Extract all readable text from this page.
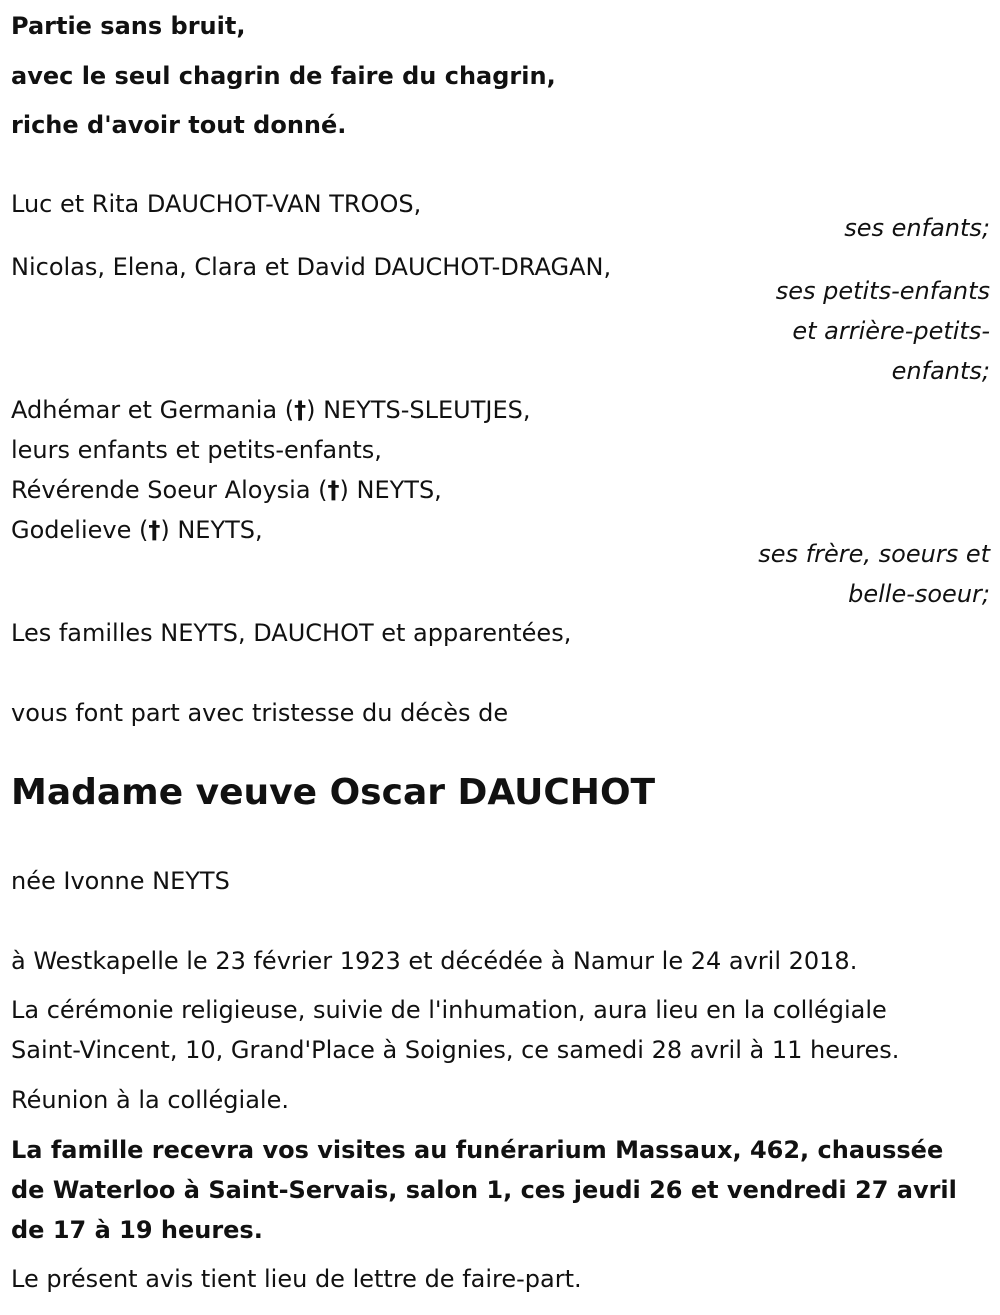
Partie sans bruit,
avec le seul chagrin de faire du chagrin,
riche d'avoir tout donné.
Luc et Rita DAUCHOT-VAN TROOS,
ses enfants;
Nicolas, Elena, Clara et David DAUCHOT-DRAGAN,
ses petits-enfants
et arrière-petits-
enfants;
Adhémar et Germania (†) NEYTS-SLEUTJES,
leurs enfants et petits-enfants,
Révérende Soeur Aloysia (†) NEYTS,
Godelieve (†) NEYTS,
ses frère, soeurs et
belle-soeur;
Les familles NEYTS, DAUCHOT et apparentées,
vous font part avec tristesse du décès de
Madame veuve Oscar DAUCHOT
née Ivonne NEYTS
à Westkapelle le 23 février 1923 et décédée à Namur le 24 avril 2018.
La cérémonie religieuse, suivie de l'inhumation, aura lieu en la collégiale
Saint-Vincent, 10, Grand'Place à Soignies, ce samedi 28 avril à 11 heures.
Réunion à la collégiale.
La famille recevra vos visites au funérarium Massaux, 462, chaussée
de Waterloo à Saint-Servais, salon 1, ces jeudi 26 et vendredi 27 avril
de 17 à 19 heures.
Le présent avis tient lieu de lettre de faire-part.
